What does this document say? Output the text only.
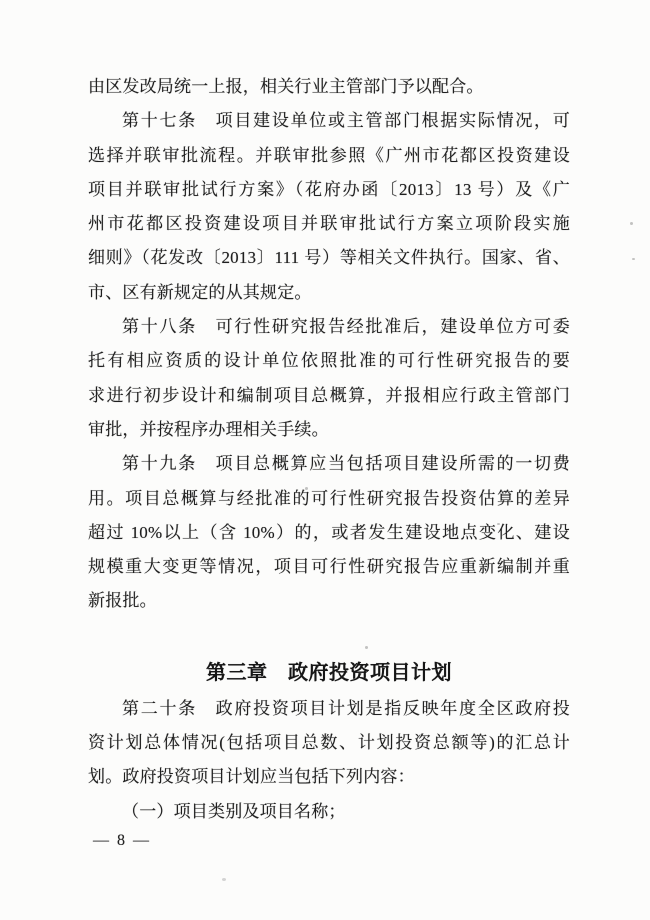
由区发改局统一上报，相关行业主管部门予以配合。
第十七条　项目建设单位或主管部门根据实际情况，可
选择并联审批流程。并联审批参照《广州市花都区投资建设
项目并联审批试行方案》（花府办函〔2013〕13 号）及《广
州市花都区投资建设项目并联审批试行方案立项阶段实施
细则》（花发改〔2013〕111 号）等相关文件执行。国家、省、
市、区有新规定的从其规定。
第十八条　可行性研究报告经批准后，建设单位方可委
托有相应资质的设计单位依照批准的可行性研究报告的要
求进行初步设计和编制项目总概算，并报相应行政主管部门
审批，并按程序办理相关手续。
第十九条　项目总概算应当包括项目建设所需的一切费
用。项目总概算与经批准的可行性研究报告投资估算的差异
超过 10%以上（含 10%）的，或者发生建设地点变化、建设
规模重大变更等情况，项目可行性研究报告应重新编制并重
新报批。
第三章　政府投资项目计划
第二十条　政府投资项目计划是指反映年度全区政府投
资计划总体情况(包括项目总数、计划投资总额等)的汇总计
划。政府投资项目计划应当包括下列内容：
（一）项目类别及项目名称；
— 8 —
